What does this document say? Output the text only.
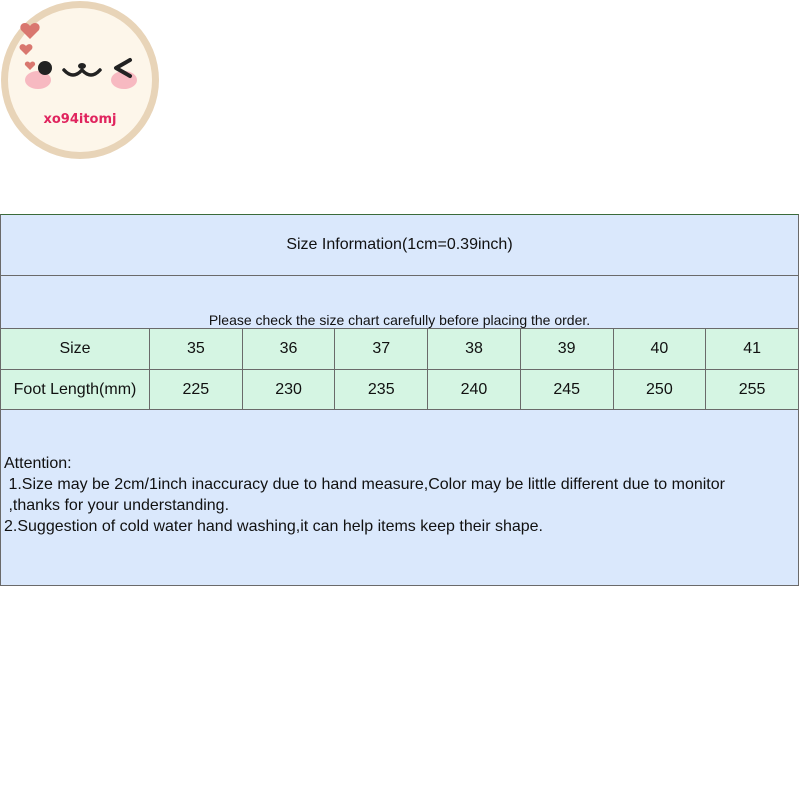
xo94itomj
Size Information(1cm=0.39inch)
Please check the size chart carefully before placing the order.
Size	35	36	37	38	39	40	41
Foot Length(mm)	225	230	235	240	245	250	255
Attention:
1.Size may be 2cm/1inch inaccuracy due to hand measure,Color may be little different due to monitor
,thanks for your understanding.
2.Suggestion of cold water hand washing,it can help items keep their shape.
